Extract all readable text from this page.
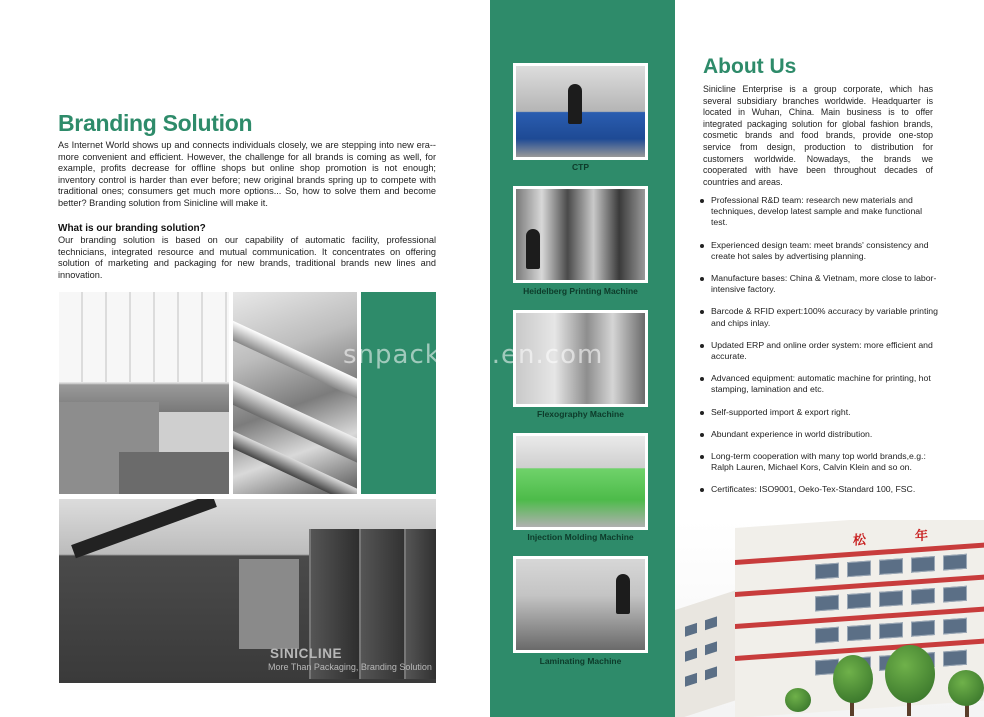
Branding Solution

As Internet World shows up and connects individuals closely, we are stepping into new era--more convenient and efficient. However, the challenge for all brands is coming as well, for example, profits decrease for offline shops but online shop promotion is not enough; inventory control is harder than ever before; new original brands spring up to compete with traditional ones; consumers get much more options... So, how to solve them and become better? Branding solution from Sinicline will make it.

What is our branding solution?

Our branding solution is based on our capability of automatic facility, professional technicians, integrated resource and mutual communication. It concentrates on offering solution of marketing and packaging for new brands, traditional brands new lines and innovation.

SINICLINE

More Than Packaging, Branding Solution

CTP

Heidelberg Printing Machine

Flexography Machine

Injection Molding Machine

Laminating Machine

About Us

Sinicline Enterprise is a group corporate, which has several subsidiary branches worldwide. Headquarter is located in Wuhan, China. Main business is to offer integrated packaging solution for global fashion brands, cosmetic brands and food brands, provide one-stop service from design, production to distribution for customers worldwide. Nowadays, the brands we cooperated with have been throughout decades of countries and areas.

Professional R&D team: research new materials and techniques, develop latest sample and make functional test.
Experienced design team: meet brands' consistency and create hot sales by advertising planning.
Manufacture bases: China & Vietnam, more close to labor-intensive factory.
Barcode & RFID expert:100% accuracy by variable printing and chips inlay.
Updated ERP and online order system: more efficient and accurate.
Advanced equipment: automatic machine for printing, hot stamping, lamination and etc.
Self-supported import & export right.
Abundant experience in world distribution.
Long-term cooperation with many top world brands,e.g.: Ralph Lauren, Michael Kors, Calvin Klein and so on.
Certificates: ISO9001, Oeko-Tex-Standard 100, FSC.
松	年

snpackage.en.com
